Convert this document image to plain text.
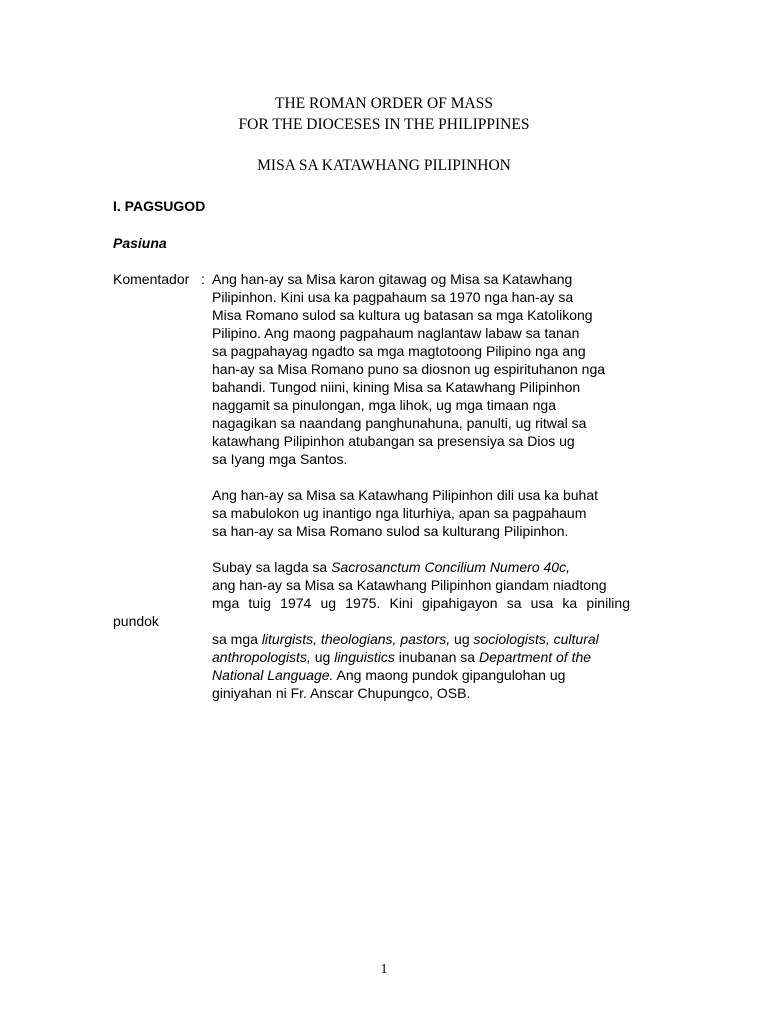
THE ROMAN ORDER OF MASS
FOR THE DIOCESES IN THE PHILIPPINES
MISA SA KATAWHANG PILIPINHON
I. PAGSUGOD
Pasiuna
Komentador : Ang han-ay sa Misa karon gitawag og Misa sa Katawhang
Pilipinhon. Kini usa ka pagpahaum sa 1970 nga han-ay sa
Misa Romano sulod sa kultura ug batasan sa mga Katolikong
Pilipino. Ang maong pagpahaum naglantaw labaw sa tanan
sa pagpahayag ngadto sa mga magtotoong Pilipino nga ang
han-ay sa Misa Romano puno sa diosnon ug espirituhanon nga
bahandi. Tungod niini, kining Misa sa Katawhang Pilipinhon
naggamit sa pinulongan, mga lihok, ug mga timaan nga
nagagikan sa naandang panghunahuna, panulti, ug ritwal sa
katawhang Pilipinhon atubangan sa presensiya sa Dios ug
sa Iyang mga Santos.
Ang han-ay sa Misa sa Katawhang Pilipinhon dili usa ka buhat
sa mabulokon ug inantigo nga liturhiya, apan sa pagpahaum
sa han-ay sa Misa Romano sulod sa kulturang Pilipinhon.
Subay sa lagda sa Sacrosanctum Concilium Numero 40c,
ang han-ay sa Misa sa Katawhang Pilipinhon giandam niadtong
mga tuig 1974 ug 1975. Kini gipahigayon sa usa ka piniling
pundok
sa mga liturgists, theologians, pastors, ug sociologists, cultural
anthropologists, ug linguistics inubanan sa Department of the
National Language. Ang maong pundok gipangulohan ug
giniyahan ni Fr. Anscar Chupungco, OSB.
1
